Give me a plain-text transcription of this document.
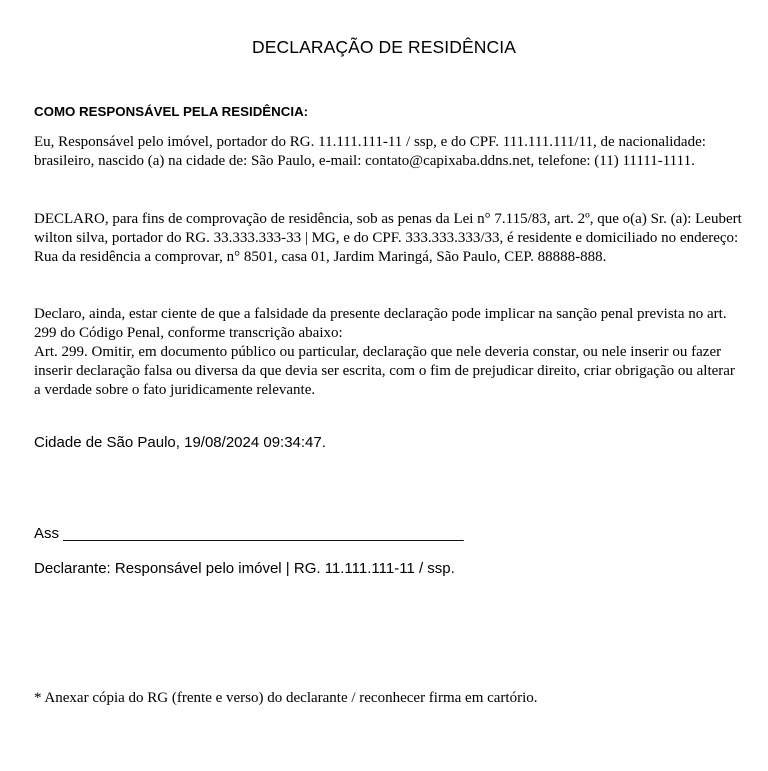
DECLARAÇÃO DE RESIDÊNCIA
COMO RESPONSÁVEL PELA RESIDÊNCIA:

Eu, Responsável pelo imóvel, portador do RG. 11.111.111-11 / ssp, e do CPF. 111.111.111/11, de nacionalidade: brasileiro, nascido (a) na cidade de: São Paulo, e-mail: contato@capixaba.ddns.net, telefone: (11) 11111-1111.

DECLARO, para fins de comprovação de residência, sob as penas da Lei n° 7.115/83, art. 2º, que o(a) Sr. (a): Leubert wilton silva, portador do RG. 33.333.333-33 | MG, e do CPF. 333.333.333/33, é residente e domiciliado no endereço: Rua da residência a comprovar, n° 8501, casa 01, Jardim Maringá, São Paulo, CEP. 88888-888.

Declaro, ainda, estar ciente de que a falsidade da presente declaração pode implicar na sanção penal prevista no art. 299 do Código Penal, conforme transcrição abaixo:
Art. 299. Omitir, em documento público ou particular, declaração que nele deveria constar, ou nele inserir ou fazer inserir declaração falsa ou diversa da que devia ser escrita, com o fim de prejudicar direito, criar obrigação ou alterar a verdade sobre o fato juridicamente relevante.

Cidade de São Paulo, 19/08/2024 09:34:47.
Ass ________________________________________________
Declarante: Responsável pelo imóvel | RG. 11.111.111-11 / ssp.
* Anexar cópia do RG (frente e verso) do declarante / reconhecer firma em cartório.
